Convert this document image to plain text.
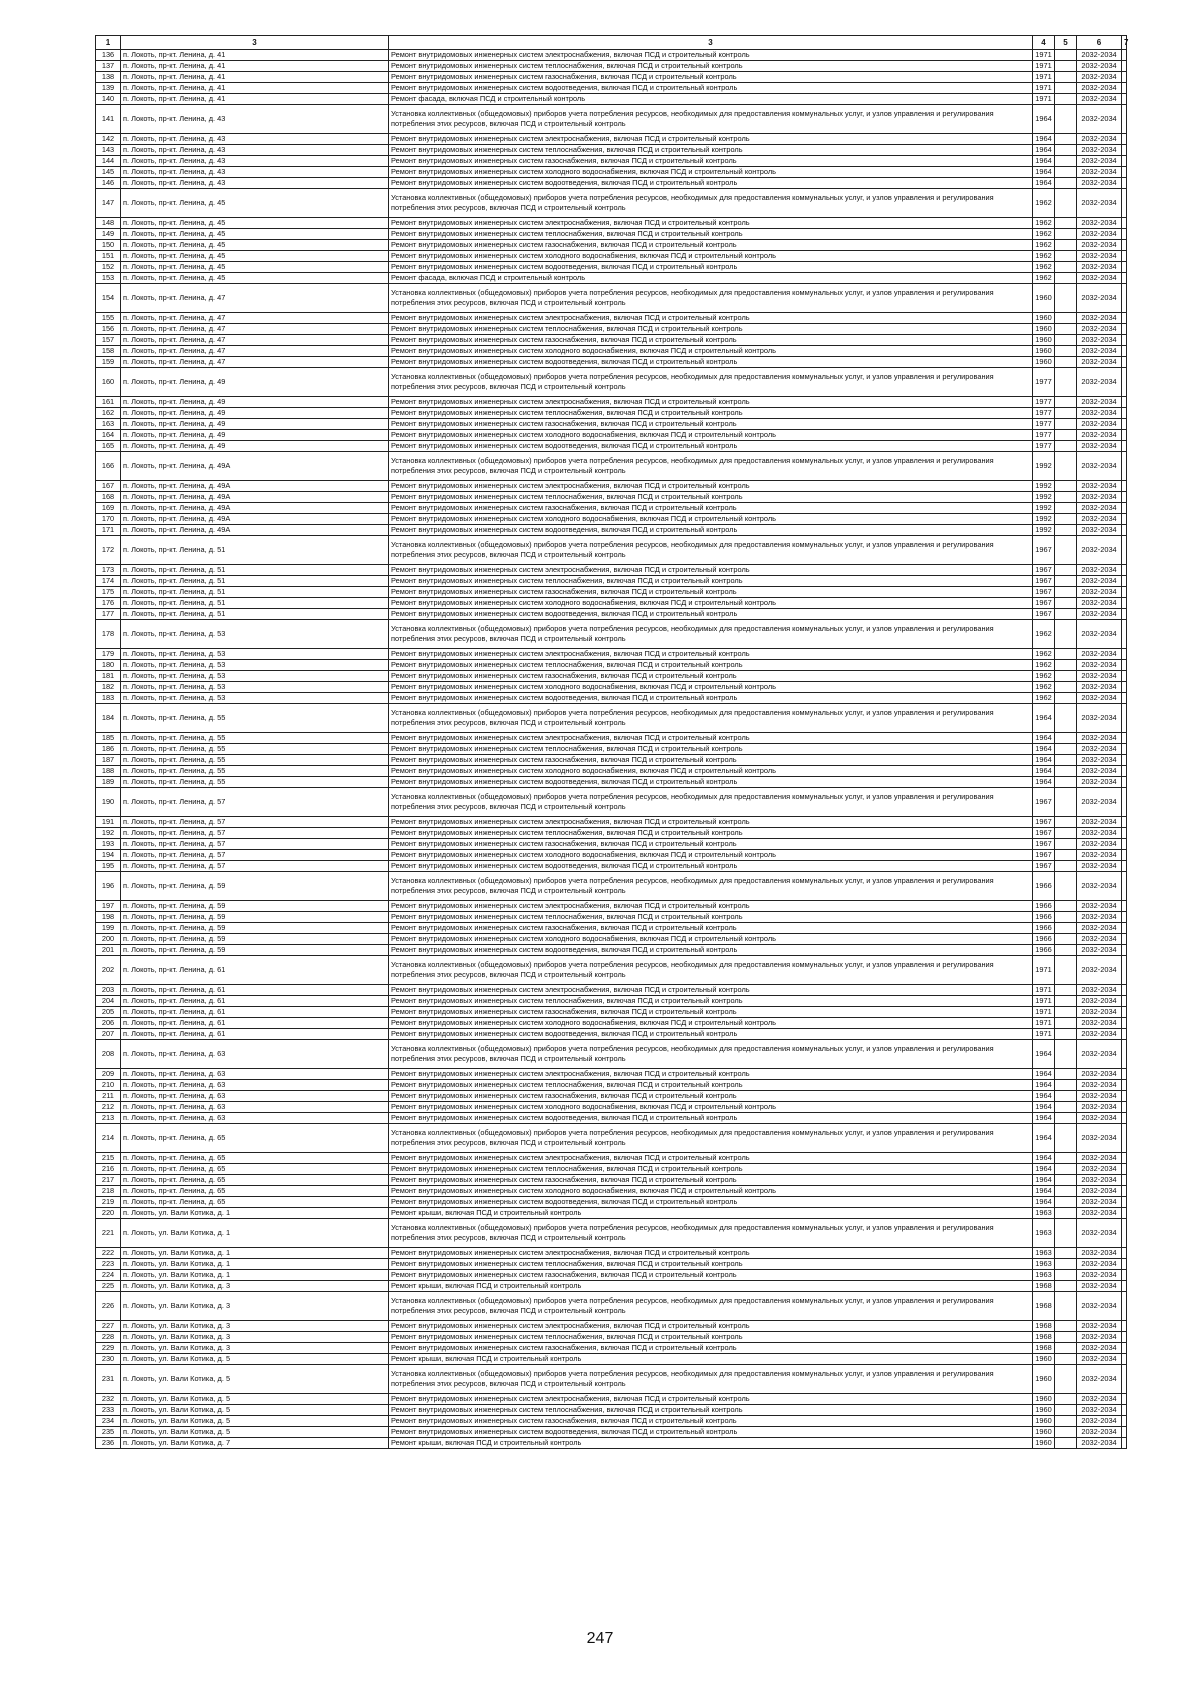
1	3	3	4	5	6	7
136	п. Локоть, пр-кт. Ленина, д. 41	Ремонт внутридомовых инженерных систем электроснабжения, включая ПСД и строительный контроль	1971		2032-2034	
137	п. Локоть, пр-кт. Ленина, д. 41	Ремонт внутридомовых инженерных систем теплоснабжения, включая ПСД и строительный контроль	1971		2032-2034	
138	п. Локоть, пр-кт. Ленина, д. 41	Ремонт внутридомовых инженерных систем газоснабжения, включая ПСД и строительный контроль	1971		2032-2034	
139	п. Локоть, пр-кт. Ленина, д. 41	Ремонт внутридомовых инженерных систем водоотведения, включая ПСД и строительный контроль	1971		2032-2034	
140	п. Локоть, пр-кт. Ленина, д. 41	Ремонт фасада, включая ПСД и строительный контроль	1971		2032-2034	
141	п. Локоть, пр-кт. Ленина, д. 43	Установка коллективных (общедомовых) приборов учета потребления ресурсов, необходимых для предоставления коммунальных услуг, и узлов управления и регулирования потребления этих ресурсов, включая ПСД и строительный контроль	1964		2032-2034	
142	п. Локоть, пр-кт. Ленина, д. 43	Ремонт внутридомовых инженерных систем электроснабжения, включая ПСД и строительный контроль	1964		2032-2034	
143	п. Локоть, пр-кт. Ленина, д. 43	Ремонт внутридомовых инженерных систем теплоснабжения, включая ПСД и строительный контроль	1964		2032-2034	
144	п. Локоть, пр-кт. Ленина, д. 43	Ремонт внутридомовых инженерных систем газоснабжения, включая ПСД и строительный контроль	1964		2032-2034	
145	п. Локоть, пр-кт. Ленина, д. 43	Ремонт внутридомовых инженерных систем холодного водоснабжения, включая ПСД и строительный контроль	1964		2032-2034	
146	п. Локоть, пр-кт. Ленина, д. 43	Ремонт внутридомовых инженерных систем водоотведения, включая ПСД и строительный контроль	1964		2032-2034	
147	п. Локоть, пр-кт. Ленина, д. 45	Установка коллективных (общедомовых) приборов учета потребления ресурсов, необходимых для предоставления коммунальных услуг, и узлов управления и регулирования потребления этих ресурсов, включая ПСД и строительный контроль	1962		2032-2034	
148	п. Локоть, пр-кт. Ленина, д. 45	Ремонт внутридомовых инженерных систем электроснабжения, включая ПСД и строительный контроль	1962		2032-2034	
149	п. Локоть, пр-кт. Ленина, д. 45	Ремонт внутридомовых инженерных систем теплоснабжения, включая ПСД и строительный контроль	1962		2032-2034	
150	п. Локоть, пр-кт. Ленина, д. 45	Ремонт внутридомовых инженерных систем газоснабжения, включая ПСД и строительный контроль	1962		2032-2034	
151	п. Локоть, пр-кт. Ленина, д. 45	Ремонт внутридомовых инженерных систем холодного водоснабжения, включая ПСД и строительный контроль	1962		2032-2034	
152	п. Локоть, пр-кт. Ленина, д. 45	Ремонт внутридомовых инженерных систем водоотведения, включая ПСД и строительный контроль	1962		2032-2034	
153	п. Локоть, пр-кт. Ленина, д. 45	Ремонт фасада, включая ПСД и строительный контроль	1962		2032-2034	
154	п. Локоть, пр-кт. Ленина, д. 47	Установка коллективных (общедомовых) приборов учета потребления ресурсов, необходимых для предоставления коммунальных услуг, и узлов управления и регулирования потребления этих ресурсов, включая ПСД и строительный контроль	1960		2032-2034	
155	п. Локоть, пр-кт. Ленина, д. 47	Ремонт внутридомовых инженерных систем электроснабжения, включая ПСД и строительный контроль	1960		2032-2034	
156	п. Локоть, пр-кт. Ленина, д. 47	Ремонт внутридомовых инженерных систем теплоснабжения, включая ПСД и строительный контроль	1960		2032-2034	
157	п. Локоть, пр-кт. Ленина, д. 47	Ремонт внутридомовых инженерных систем газоснабжения, включая ПСД и строительный контроль	1960		2032-2034	
158	п. Локоть, пр-кт. Ленина, д. 47	Ремонт внутридомовых инженерных систем холодного водоснабжения, включая ПСД и строительный контроль	1960		2032-2034	
159	п. Локоть, пр-кт. Ленина, д. 47	Ремонт внутридомовых инженерных систем водоотведения, включая ПСД и строительный контроль	1960		2032-2034	
160	п. Локоть, пр-кт. Ленина, д. 49	Установка коллективных (общедомовых) приборов учета потребления ресурсов, необходимых для предоставления коммунальных услуг, и узлов управления и регулирования потребления этих ресурсов, включая ПСД и строительный контроль	1977		2032-2034	
161	п. Локоть, пр-кт. Ленина, д. 49	Ремонт внутридомовых инженерных систем электроснабжения, включая ПСД и строительный контроль	1977		2032-2034	
162	п. Локоть, пр-кт. Ленина, д. 49	Ремонт внутридомовых инженерных систем теплоснабжения, включая ПСД и строительный контроль	1977		2032-2034	
163	п. Локоть, пр-кт. Ленина, д. 49	Ремонт внутридомовых инженерных систем газоснабжения, включая ПСД и строительный контроль	1977		2032-2034	
164	п. Локоть, пр-кт. Ленина, д. 49	Ремонт внутридомовых инженерных систем холодного водоснабжения, включая ПСД и строительный контроль	1977		2032-2034	
165	п. Локоть, пр-кт. Ленина, д. 49	Ремонт внутридомовых инженерных систем водоотведения, включая ПСД и строительный контроль	1977		2032-2034	
166	п. Локоть, пр-кт. Ленина, д. 49А	Установка коллективных (общедомовых) приборов учета потребления ресурсов, необходимых для предоставления коммунальных услуг, и узлов управления и регулирования потребления этих ресурсов, включая ПСД и строительный контроль	1992		2032-2034	
167	п. Локоть, пр-кт. Ленина, д. 49А	Ремонт внутридомовых инженерных систем электроснабжения, включая ПСД и строительный контроль	1992		2032-2034	
168	п. Локоть, пр-кт. Ленина, д. 49А	Ремонт внутридомовых инженерных систем теплоснабжения, включая ПСД и строительный контроль	1992		2032-2034	
169	п. Локоть, пр-кт. Ленина, д. 49А	Ремонт внутридомовых инженерных систем газоснабжения, включая ПСД и строительный контроль	1992		2032-2034	
170	п. Локоть, пр-кт. Ленина, д. 49А	Ремонт внутридомовых инженерных систем холодного водоснабжения, включая ПСД и строительный контроль	1992		2032-2034	
171	п. Локоть, пр-кт. Ленина, д. 49А	Ремонт внутридомовых инженерных систем водоотведения, включая ПСД и строительный контроль	1992		2032-2034	
172	п. Локоть, пр-кт. Ленина, д. 51	Установка коллективных (общедомовых) приборов учета потребления ресурсов, необходимых для предоставления коммунальных услуг, и узлов управления и регулирования потребления этих ресурсов, включая ПСД и строительный контроль	1967		2032-2034	
173	п. Локоть, пр-кт. Ленина, д. 51	Ремонт внутридомовых инженерных систем электроснабжения, включая ПСД и строительный контроль	1967		2032-2034	
174	п. Локоть, пр-кт. Ленина, д. 51	Ремонт внутридомовых инженерных систем теплоснабжения, включая ПСД и строительный контроль	1967		2032-2034	
175	п. Локоть, пр-кт. Ленина, д. 51	Ремонт внутридомовых инженерных систем газоснабжения, включая ПСД и строительный контроль	1967		2032-2034	
176	п. Локоть, пр-кт. Ленина, д. 51	Ремонт внутридомовых инженерных систем холодного водоснабжения, включая ПСД и строительный контроль	1967		2032-2034	
177	п. Локоть, пр-кт. Ленина, д. 51	Ремонт внутридомовых инженерных систем водоотведения, включая ПСД и строительный контроль	1967		2032-2034	
178	п. Локоть, пр-кт. Ленина, д. 53	Установка коллективных (общедомовых) приборов учета потребления ресурсов, необходимых для предоставления коммунальных услуг, и узлов управления и регулирования потребления этих ресурсов, включая ПСД и строительный контроль	1962		2032-2034	
179	п. Локоть, пр-кт. Ленина, д. 53	Ремонт внутридомовых инженерных систем электроснабжения, включая ПСД и строительный контроль	1962		2032-2034	
180	п. Локоть, пр-кт. Ленина, д. 53	Ремонт внутридомовых инженерных систем теплоснабжения, включая ПСД и строительный контроль	1962		2032-2034	
181	п. Локоть, пр-кт. Ленина, д. 53	Ремонт внутридомовых инженерных систем газоснабжения, включая ПСД и строительный контроль	1962		2032-2034	
182	п. Локоть, пр-кт. Ленина, д. 53	Ремонт внутридомовых инженерных систем холодного водоснабжения, включая ПСД и строительный контроль	1962		2032-2034	
183	п. Локоть, пр-кт. Ленина, д. 53	Ремонт внутридомовых инженерных систем водоотведения, включая ПСД и строительный контроль	1962		2032-2034	
184	п. Локоть, пр-кт. Ленина, д. 55	Установка коллективных (общедомовых) приборов учета потребления ресурсов, необходимых для предоставления коммунальных услуг, и узлов управления и регулирования потребления этих ресурсов, включая ПСД и строительный контроль	1964		2032-2034	
185	п. Локоть, пр-кт. Ленина, д. 55	Ремонт внутридомовых инженерных систем электроснабжения, включая ПСД и строительный контроль	1964		2032-2034	
186	п. Локоть, пр-кт. Ленина, д. 55	Ремонт внутридомовых инженерных систем теплоснабжения, включая ПСД и строительный контроль	1964		2032-2034	
187	п. Локоть, пр-кт. Ленина, д. 55	Ремонт внутридомовых инженерных систем газоснабжения, включая ПСД и строительный контроль	1964		2032-2034	
188	п. Локоть, пр-кт. Ленина, д. 55	Ремонт внутридомовых инженерных систем холодного водоснабжения, включая ПСД и строительный контроль	1964		2032-2034	
189	п. Локоть, пр-кт. Ленина, д. 55	Ремонт внутридомовых инженерных систем водоотведения, включая ПСД и строительный контроль	1964		2032-2034	
190	п. Локоть, пр-кт. Ленина, д. 57	Установка коллективных (общедомовых) приборов учета потребления ресурсов, необходимых для предоставления коммунальных услуг, и узлов управления и регулирования потребления этих ресурсов, включая ПСД и строительный контроль	1967		2032-2034	
191	п. Локоть, пр-кт. Ленина, д. 57	Ремонт внутридомовых инженерных систем электроснабжения, включая ПСД и строительный контроль	1967		2032-2034	
192	п. Локоть, пр-кт. Ленина, д. 57	Ремонт внутридомовых инженерных систем теплоснабжения, включая ПСД и строительный контроль	1967		2032-2034	
193	п. Локоть, пр-кт. Ленина, д. 57	Ремонт внутридомовых инженерных систем газоснабжения, включая ПСД и строительный контроль	1967		2032-2034	
194	п. Локоть, пр-кт. Ленина, д. 57	Ремонт внутридомовых инженерных систем холодного водоснабжения, включая ПСД и строительный контроль	1967		2032-2034	
195	п. Локоть, пр-кт. Ленина, д. 57	Ремонт внутридомовых инженерных систем водоотведения, включая ПСД и строительный контроль	1967		2032-2034	
196	п. Локоть, пр-кт. Ленина, д. 59	Установка коллективных (общедомовых) приборов учета потребления ресурсов, необходимых для предоставления коммунальных услуг, и узлов управления и регулирования потребления этих ресурсов, включая ПСД и строительный контроль	1966		2032-2034	
197	п. Локоть, пр-кт. Ленина, д. 59	Ремонт внутридомовых инженерных систем электроснабжения, включая ПСД и строительный контроль	1966		2032-2034	
198	п. Локоть, пр-кт. Ленина, д. 59	Ремонт внутридомовых инженерных систем теплоснабжения, включая ПСД и строительный контроль	1966		2032-2034	
199	п. Локоть, пр-кт. Ленина, д. 59	Ремонт внутридомовых инженерных систем газоснабжения, включая ПСД и строительный контроль	1966		2032-2034	
200	п. Локоть, пр-кт. Ленина, д. 59	Ремонт внутридомовых инженерных систем холодного водоснабжения, включая ПСД и строительный контроль	1966		2032-2034	
201	п. Локоть, пр-кт. Ленина, д. 59	Ремонт внутридомовых инженерных систем водоотведения, включая ПСД и строительный контроль	1966		2032-2034	
202	п. Локоть, пр-кт. Ленина, д. 61	Установка коллективных (общедомовых) приборов учета потребления ресурсов, необходимых для предоставления коммунальных услуг, и узлов управления и регулирования потребления этих ресурсов, включая ПСД и строительный контроль	1971		2032-2034	
203	п. Локоть, пр-кт. Ленина, д. 61	Ремонт внутридомовых инженерных систем электроснабжения, включая ПСД и строительный контроль	1971		2032-2034	
204	п. Локоть, пр-кт. Ленина, д. 61	Ремонт внутридомовых инженерных систем теплоснабжения, включая ПСД и строительный контроль	1971		2032-2034	
205	п. Локоть, пр-кт. Ленина, д. 61	Ремонт внутридомовых инженерных систем газоснабжения, включая ПСД и строительный контроль	1971		2032-2034	
206	п. Локоть, пр-кт. Ленина, д. 61	Ремонт внутридомовых инженерных систем холодного водоснабжения, включая ПСД и строительный контроль	1971		2032-2034	
207	п. Локоть, пр-кт. Ленина, д. 61	Ремонт внутридомовых инженерных систем водоотведения, включая ПСД и строительный контроль	1971		2032-2034	
208	п. Локоть, пр-кт. Ленина, д. 63	Установка коллективных (общедомовых) приборов учета потребления ресурсов, необходимых для предоставления коммунальных услуг, и узлов управления и регулирования потребления этих ресурсов, включая ПСД и строительный контроль	1964		2032-2034	
209	п. Локоть, пр-кт. Ленина, д. 63	Ремонт внутридомовых инженерных систем электроснабжения, включая ПСД и строительный контроль	1964		2032-2034	
210	п. Локоть, пр-кт. Ленина, д. 63	Ремонт внутридомовых инженерных систем теплоснабжения, включая ПСД и строительный контроль	1964		2032-2034	
211	п. Локоть, пр-кт. Ленина, д. 63	Ремонт внутридомовых инженерных систем газоснабжения, включая ПСД и строительный контроль	1964		2032-2034	
212	п. Локоть, пр-кт. Ленина, д. 63	Ремонт внутридомовых инженерных систем холодного водоснабжения, включая ПСД и строительный контроль	1964		2032-2034	
213	п. Локоть, пр-кт. Ленина, д. 63	Ремонт внутридомовых инженерных систем водоотведения, включая ПСД и строительный контроль	1964		2032-2034	
214	п. Локоть, пр-кт. Ленина, д. 65	Установка коллективных (общедомовых) приборов учета потребления ресурсов, необходимых для предоставления коммунальных услуг, и узлов управления и регулирования потребления этих ресурсов, включая ПСД и строительный контроль	1964		2032-2034	
215	п. Локоть, пр-кт. Ленина, д. 65	Ремонт внутридомовых инженерных систем электроснабжения, включая ПСД и строительный контроль	1964		2032-2034	
216	п. Локоть, пр-кт. Ленина, д. 65	Ремонт внутридомовых инженерных систем теплоснабжения, включая ПСД и строительный контроль	1964		2032-2034	
217	п. Локоть, пр-кт. Ленина, д. 65	Ремонт внутридомовых инженерных систем газоснабжения, включая ПСД и строительный контроль	1964		2032-2034	
218	п. Локоть, пр-кт. Ленина, д. 65	Ремонт внутридомовых инженерных систем холодного водоснабжения, включая ПСД и строительный контроль	1964		2032-2034	
219	п. Локоть, пр-кт. Ленина, д. 65	Ремонт внутридомовых инженерных систем водоотведения, включая ПСД и строительный контроль	1964		2032-2034	
220	п. Локоть, ул. Вали Котика, д. 1	Ремонт крыши, включая ПСД и строительный контроль	1963		2032-2034	
221	п. Локоть, ул. Вали Котика, д. 1	Установка коллективных (общедомовых) приборов учета потребления ресурсов, необходимых для предоставления коммунальных услуг, и узлов управления и регулирования потребления этих ресурсов, включая ПСД и строительный контроль	1963		2032-2034	
222	п. Локоть, ул. Вали Котика, д. 1	Ремонт внутридомовых инженерных систем электроснабжения, включая ПСД и строительный контроль	1963		2032-2034	
223	п. Локоть, ул. Вали Котика, д. 1	Ремонт внутридомовых инженерных систем теплоснабжения, включая ПСД и строительный контроль	1963		2032-2034	
224	п. Локоть, ул. Вали Котика, д. 1	Ремонт внутридомовых инженерных систем газоснабжения, включая ПСД и строительный контроль	1963		2032-2034	
225	п. Локоть, ул. Вали Котика, д. 3	Ремонт крыши, включая ПСД и строительный контроль	1968		2032-2034	
226	п. Локоть, ул. Вали Котика, д. 3	Установка коллективных (общедомовых) приборов учета потребления ресурсов, необходимых для предоставления коммунальных услуг, и узлов управления и регулирования потребления этих ресурсов, включая ПСД и строительный контроль	1968		2032-2034	
227	п. Локоть, ул. Вали Котика, д. 3	Ремонт внутридомовых инженерных систем электроснабжения, включая ПСД и строительный контроль	1968		2032-2034	
228	п. Локоть, ул. Вали Котика, д. 3	Ремонт внутридомовых инженерных систем теплоснабжения, включая ПСД и строительный контроль	1968		2032-2034	
229	п. Локоть, ул. Вали Котика, д. 3	Ремонт внутридомовых инженерных систем газоснабжения, включая ПСД и строительный контроль	1968		2032-2034	
230	п. Локоть, ул. Вали Котика, д. 5	Ремонт крыши, включая ПСД и строительный контроль	1960		2032-2034	
231	п. Локоть, ул. Вали Котика, д. 5	Установка коллективных (общедомовых) приборов учета потребления ресурсов, необходимых для предоставления коммунальных услуг, и узлов управления и регулирования потребления этих ресурсов, включая ПСД и строительный контроль	1960		2032-2034	
232	п. Локоть, ул. Вали Котика, д. 5	Ремонт внутридомовых инженерных систем электроснабжения, включая ПСД и строительный контроль	1960		2032-2034	
233	п. Локоть, ул. Вали Котика, д. 5	Ремонт внутридомовых инженерных систем теплоснабжения, включая ПСД и строительный контроль	1960		2032-2034	
234	п. Локоть, ул. Вали Котика, д. 5	Ремонт внутридомовых инженерных систем газоснабжения, включая ПСД и строительный контроль	1960		2032-2034	
235	п. Локоть, ул. Вали Котика, д. 5	Ремонт внутридомовых инженерных систем водоотведения, включая ПСД и строительный контроль	1960		2032-2034	
236	п. Локоть, ул. Вали Котика, д. 7	Ремонт крыши, включая ПСД и строительный контроль	1960		2032-2034	
247
